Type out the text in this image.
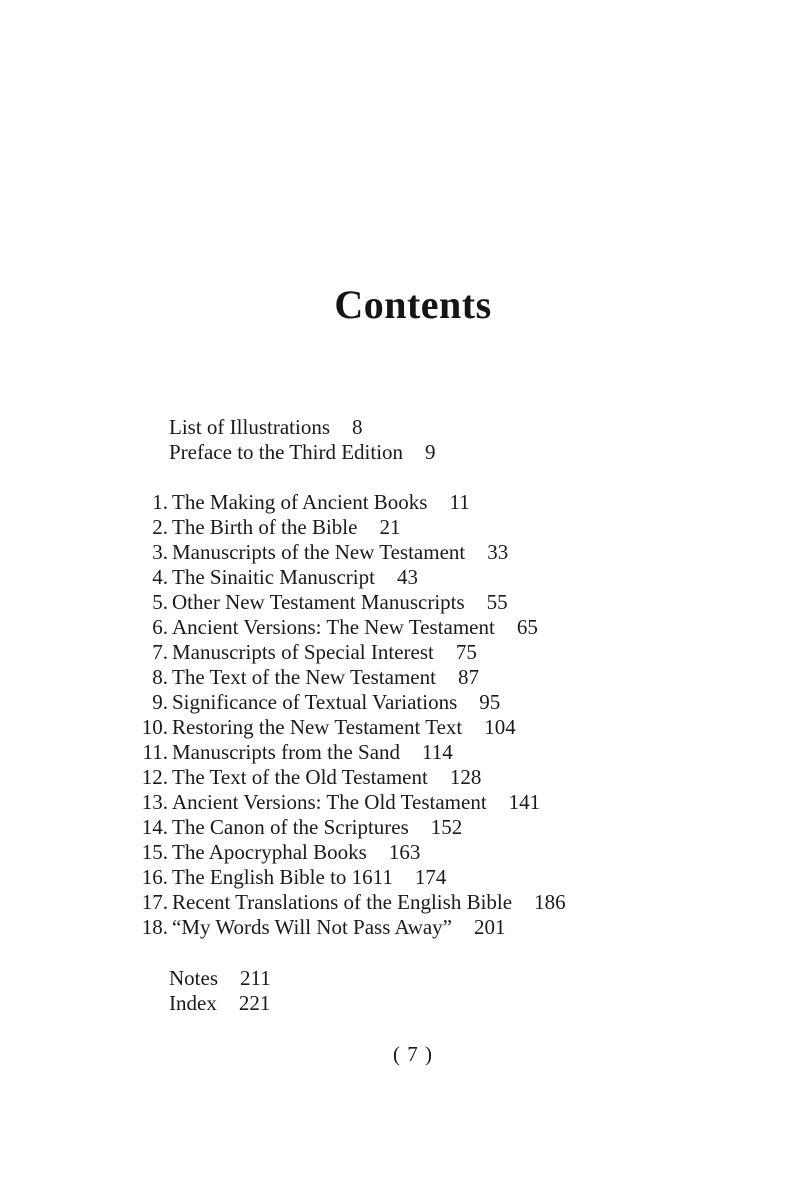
Contents
List of Illustrations 8
Preface to the Third Edition 9
1. The Making of Ancient Books 11
2. The Birth of the Bible 21
3. Manuscripts of the New Testament 33
4. The Sinaitic Manuscript 43
5. Other New Testament Manuscripts 55
6. Ancient Versions: The New Testament 65
7. Manuscripts of Special Interest 75
8. The Text of the New Testament 87
9. Significance of Textual Variations 95
10. Restoring the New Testament Text 104
11. Manuscripts from the Sand 114
12. The Text of the Old Testament 128
13. Ancient Versions: The Old Testament 141
14. The Canon of the Scriptures 152
15. The Apocryphal Books 163
16. The English Bible to 1611 174
17. Recent Translations of the English Bible 186
18. “My Words Will Not Pass Away” 201
Notes 211
Index 221
( 7 )
